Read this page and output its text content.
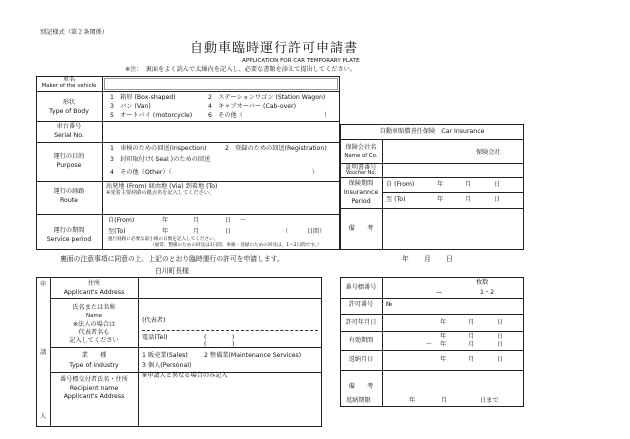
別記様式（第２条関係）
自動車臨時運行許可申請書
APPLICATION FOR CAR TEMPORARY PLATE
※注：　裏面をよく読んで太線内を記入し、必要な書類を添えて提出してください。
車名
Maker of the vehicle
形状
Type of Body
1　箱形 (Box-shaped)	2　ステーションワゴン (Station Wagon)
3　バン (Van)	4　キャブオーバー (Cab-over)
5　オートバイ (motorcycle)	6　その他（	）
車台番号
Serial No.
運行の目的
Purpose
1　車検のための回送(Inspection)	2　登録のための回送(Registration)
3　封印取付け( Seal )のための回送
4　その他（Other）（	）
運行の経路
Route
出発地 (From) 経由地 (Via) 到着地 (To)
※発着主要経路の拠点名を記入してください。
運行の期間
Service period
自(From)	年	月	日 〜
至(To)	年	月	日	（　　　日間）
運行経路に必要な最小限の日数を記入してください。
（通常、整備のための回送は1日間、車検・登録のための回送は、1〜2日間です。）
自動車賠償責任保険　Car Insurance
保険会社名
Name of Co.	保険会社
証明書番号
Voucher No.
保険期間
Insurannce
Period
自 (From)	年	月	日
至 (To)	年	月	日
備　　考
裏面の注意事項に同意の上、上記のとおり臨時運行の許可を申請します。	年 月 日
白川町長様
申
請
人
住所
Applicant's Address
氏名または名称
Name
※法人の場合は
代表者名も
記入してください
(代表者)
電話(Tel)	(	)
(	)
業　　種
Type of industry
1 販売業(Sales)	2 整備業(Maintenance Services)
3 個人(Personal)
番号標交付者氏名・住所
Recipient name
Applicant's Address
※申請人と異なる場合のみ記入
番号標番号
枚数
—	1・2
許可番号	№
許可年月日	年	月	日
有効期間
年	月	日
〜 年	月	日
返納月日	年	月	日
備　　考
返納期限	年	月	日まで
